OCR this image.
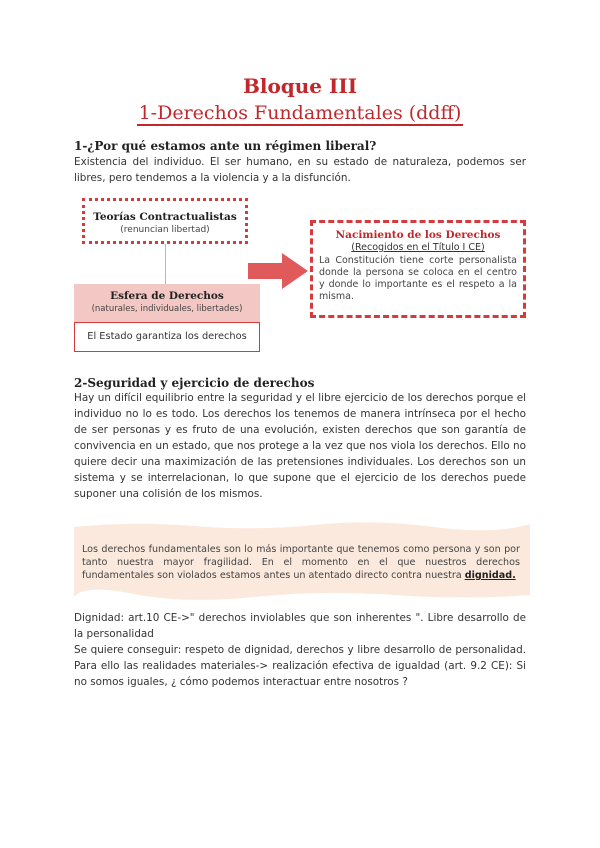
Bloque III
1-Derechos Fundamentales (ddff)
1-¿Por qué estamos ante un régimen liberal?
Existencia del individuo. El ser humano, en su estado de naturaleza, podemos ser libres, pero tendemos a la violencia y a la disfunción.
Teorías Contractualistas
(renuncian libertad)
Esfera de Derechos
(naturales, individuales, libertades)
El Estado garantiza los derechos
Nacimiento de los Derechos
(Recogidos en el Título I CE)
La Constitución tiene corte personalista donde la persona se coloca en el centro y donde lo importante es el respeto a la misma.
2-Seguridad y ejercicio de derechos
Hay un difícil equilibrio entre la seguridad y el libre ejercicio de los derechos porque el individuo no lo es todo. Los derechos los tenemos de manera intrínseca por el hecho de ser personas y es fruto de una evolución, existen derechos que son garantía de convivencia en un estado, que nos protege a la vez que nos viola los derechos. Ello no quiere decir una maximización de las pretensiones individuales. Los derechos son un sistema y se interrelacionan, lo que supone que el ejercicio de los derechos puede suponer una colisión de los mismos.
Los derechos fundamentales son lo más importante que tenemos como persona y son por tanto nuestra mayor fragilidad. En el momento en el que nuestros derechos fundamentales son violados estamos antes un atentado directo contra nuestra dignidad.

Dignidad: art.10 CE->" derechos inviolables que son inherentes ". Libre desarrollo de la personalidad

Se quiere conseguir: respeto de dignidad, derechos y libre desarrollo de personalidad. Para ello las realidades materiales-> realización efectiva de igualdad (art. 9.2 CE): Si no somos iguales, ¿ cómo podemos interactuar entre nosotros ?
